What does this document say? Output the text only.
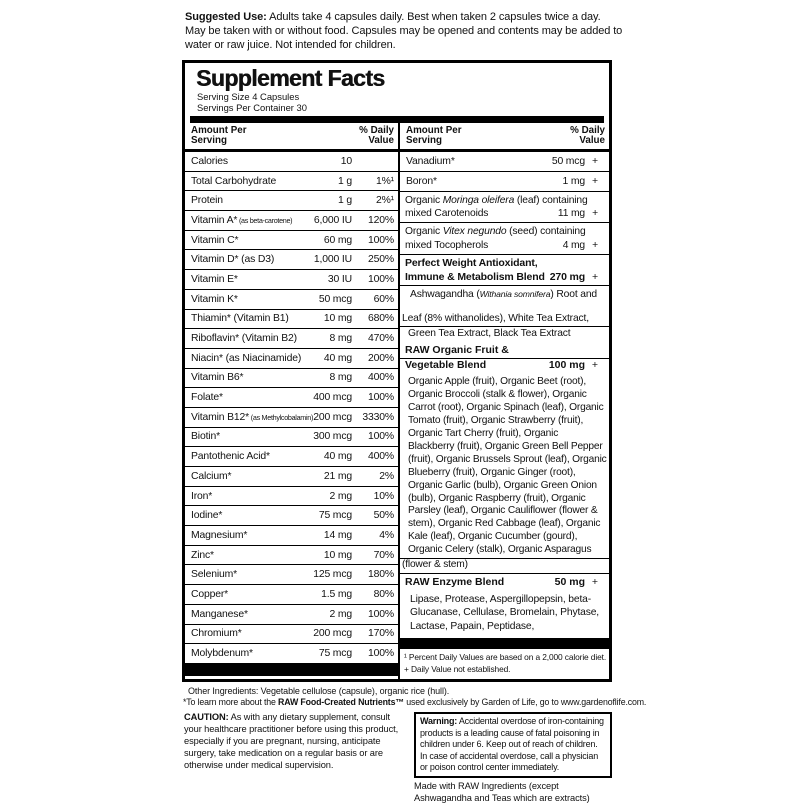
Suggested Use: Adults take 4 capsules daily. Best when taken 2 capsules twice a day. May be taken with or without food. Capsules may be opened and contents may be added to water or raw juice. Not intended for children.
Supplement Facts
Serving Size 4 Capsules
Servings Per Container 30
Amount Per
Serving
% Daily
Value
Calories	10
Total Carbohydrate	1 g	1%¹
Protein	1 g	2%¹
Vitamin A* (as beta-carotene)	6,000 IU	120%
Vitamin C*	60 mg	100%
Vitamin D* (as D3)	1,000 IU	250%
Vitamin E*	30 IU	100%
Vitamin K*	50 mcg	60%
Thiamin* (Vitamin B1)	10 mg	680%
Riboflavin* (Vitamin B2)	8 mg	470%
Niacin* (as Niacinamide)	40 mg	200%
Vitamin B6*	8 mg	400%
Folate*	400 mcg	100%
Vitamin B12* (as Methylcobalamin) 200 mcg 3330%
Biotin*	300 mcg	100%
Pantothenic Acid*	40 mg	400%
Calcium*	21 mg	2%
Iron*	2 mg	10%
Iodine*	75 mcg	50%
Magnesium*	14 mg	4%
Zinc*	10 mg	70%
Selenium*	125 mcg	180%
Copper*	1.5 mg	80%
Manganese*	2 mg	100%
Chromium*	200 mcg	170%
Molybdenum*	75 mcg	100%
Amount Per
Serving
% Daily
Value
Vanadium*	50 mcg +
Boron*	1 mg +
Organic Moringa oleifera (leaf) containing
mixed Carotenoids	11 mg +
Organic Vitex negundo (seed) containing
mixed Tocopherols	4 mg +
Perfect Weight Antioxidant,
Immune & Metabolism Blend 270 mg +
Ashwagandha (Withania somnifera) Root and
Leaf (8% withanolides), White Tea Extract,
Green Tea Extract, Black Tea Extract
RAW Organic Fruit &
Vegetable Blend	100 mg +
Organic Apple (fruit), Organic Beet (root), Organic Broccoli (stalk & flower), Organic Carrot (root), Organic Spinach (leaf), Organic Tomato (fruit), Organic Strawberry (fruit), Organic Tart Cherry (fruit), Organic Blackberry (fruit), Organic Green Bell Pepper (fruit), Organic Brussels Sprout (leaf), Organic Blueberry (fruit), Organic Ginger (root), Organic Garlic (bulb), Organic Green Onion (bulb), Organic Raspberry (fruit), Organic Parsley (leaf), Organic Cauliflower (flower & stem), Organic Red Cabbage (leaf), Organic Kale (leaf), Organic Cucumber (gourd), Organic Celery (stalk), Organic Asparagus
(flower & stem)
RAW Enzyme Blend	50 mg +
Lipase, Protease, Aspergillopepsin, beta-Glucanase, Cellulase, Bromelain, Phytase, Lactase, Papain, Peptidase,
¹ Percent Daily Values are based on a 2,000 calorie diet.
+ Daily Value not established.
Other Ingredients: Vegetable cellulose (capsule), organic rice (hull).
*To learn more about the RAW Food-Created Nutrients™ used exclusively by Garden of Life, go to www.gardenoflife.com.
CAUTION: As with any dietary supplement, consult your healthcare practitioner before using this product, especially if you are pregnant, nursing, anticipate surgery, take medication on a regular basis or are otherwise under medical supervision.
Warning: Accidental overdose of iron-containing products is a leading cause of fatal poisoning in children under 6. Keep out of reach of children. In case of accidental overdose, call a physician or poison control center immediately.
Made with RAW Ingredients (except Ashwagandha and Teas which are extracts)
